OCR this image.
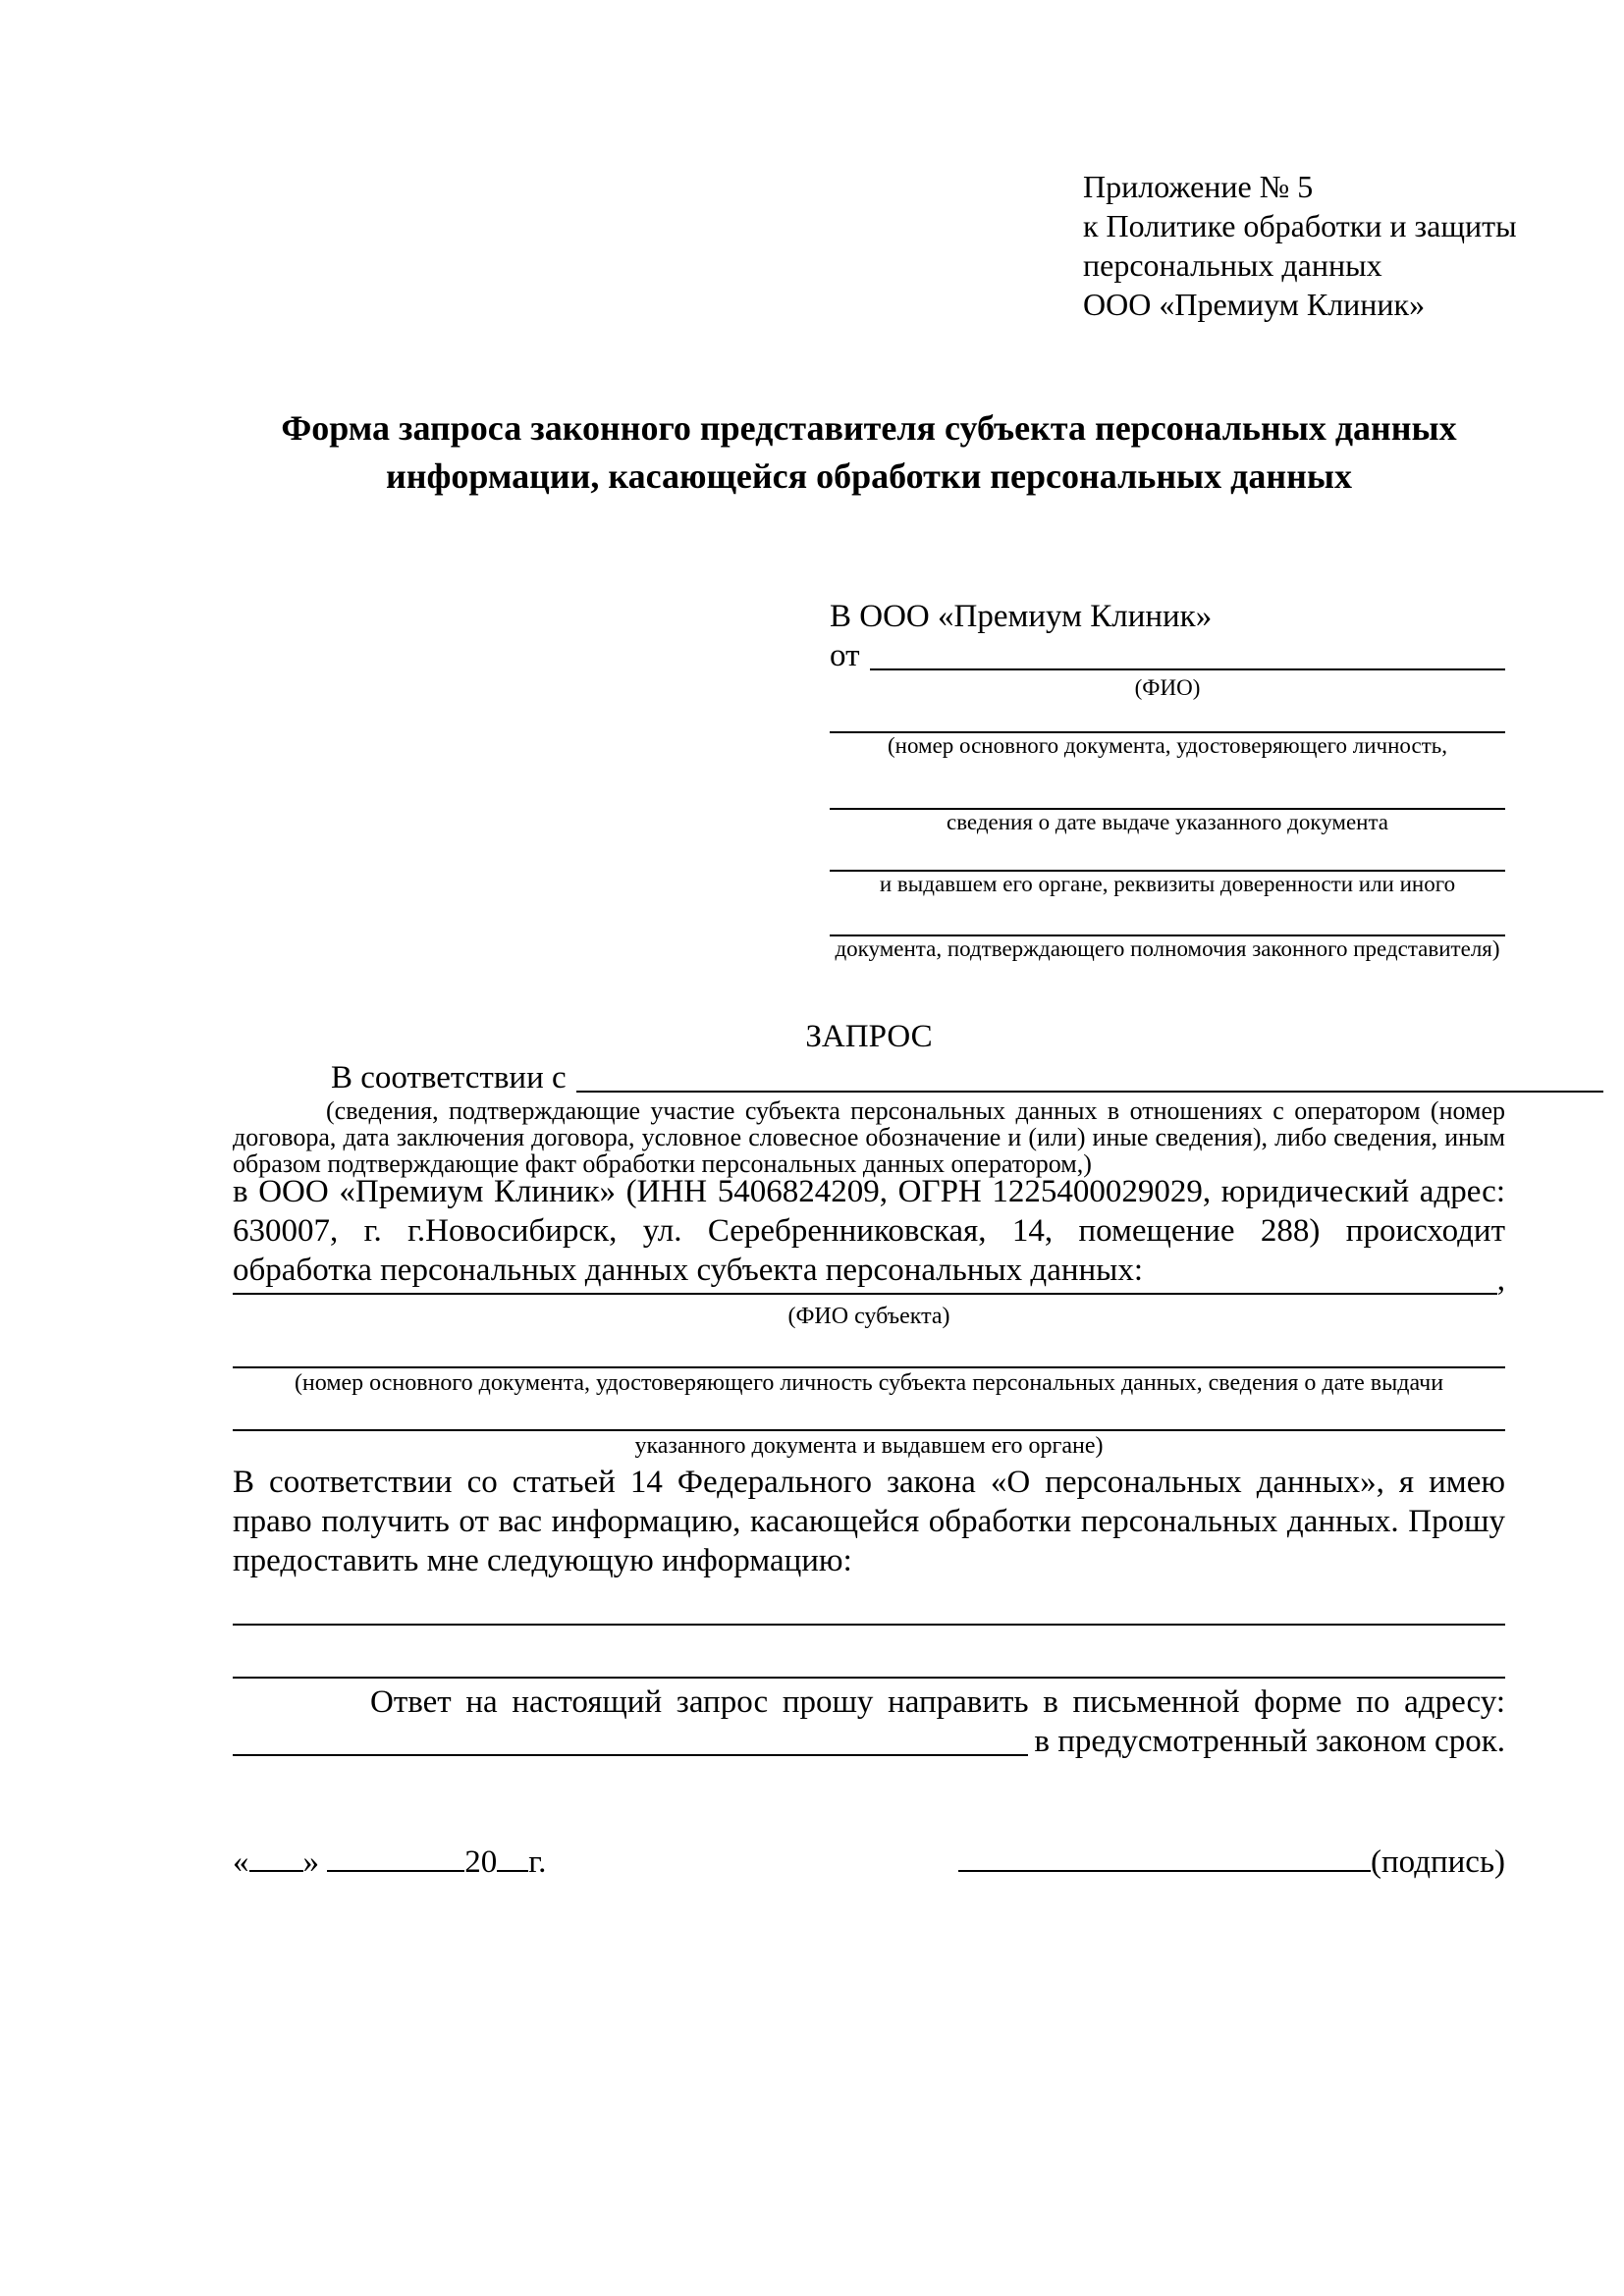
Приложение № 5
к Политике обработки и защиты
персональных данных
ООО «Премиум Клиник»
Форма запроса законного представителя субъекта персональных данных
информации, касающейся обработки персональных данных
В ООО «Премиум Клиник»
от
(ФИО)
(номер основного документа, удостоверяющего личность,
сведения о дате выдаче указанного документа
и выдавшем его органе, реквизиты доверенности или иного
документа, подтверждающего полномочия законного представителя)
ЗАПРОС
В соответствии с
(сведения, подтверждающие участие субъекта персональных данных в отношениях с оператором (номер договора, дата заключения договора, условное словесное обозначение и (или) иные сведения), либо сведения, иным образом подтверждающие факт обработки персональных данных оператором,)
в ООО «Премиум Клиник» (ИНН 5406824209, ОГРН 1225400029029, юридический адрес: 630007, г. г.Новосибирск, ул. Серебренниковская, 14, помещение 288) происходит обработка персональных данных субъекта персональных данных:	,
(ФИО субъекта)
(номер основного документа, удостоверяющего личность субъекта персональных данных, сведения о дате выдачи
указанного документа и выдавшем его органе)
В соответствии со статьей 14 Федерального закона «О персональных данных», я имею право получить от вас информацию, касающейся обработки персональных данных. Прошу предоставить мне следующую информацию:
Ответ на настоящий запрос прошу направить в письменной форме по адресу:
в предусмотренный законом срок.
« »	20 г.	(подпись)
